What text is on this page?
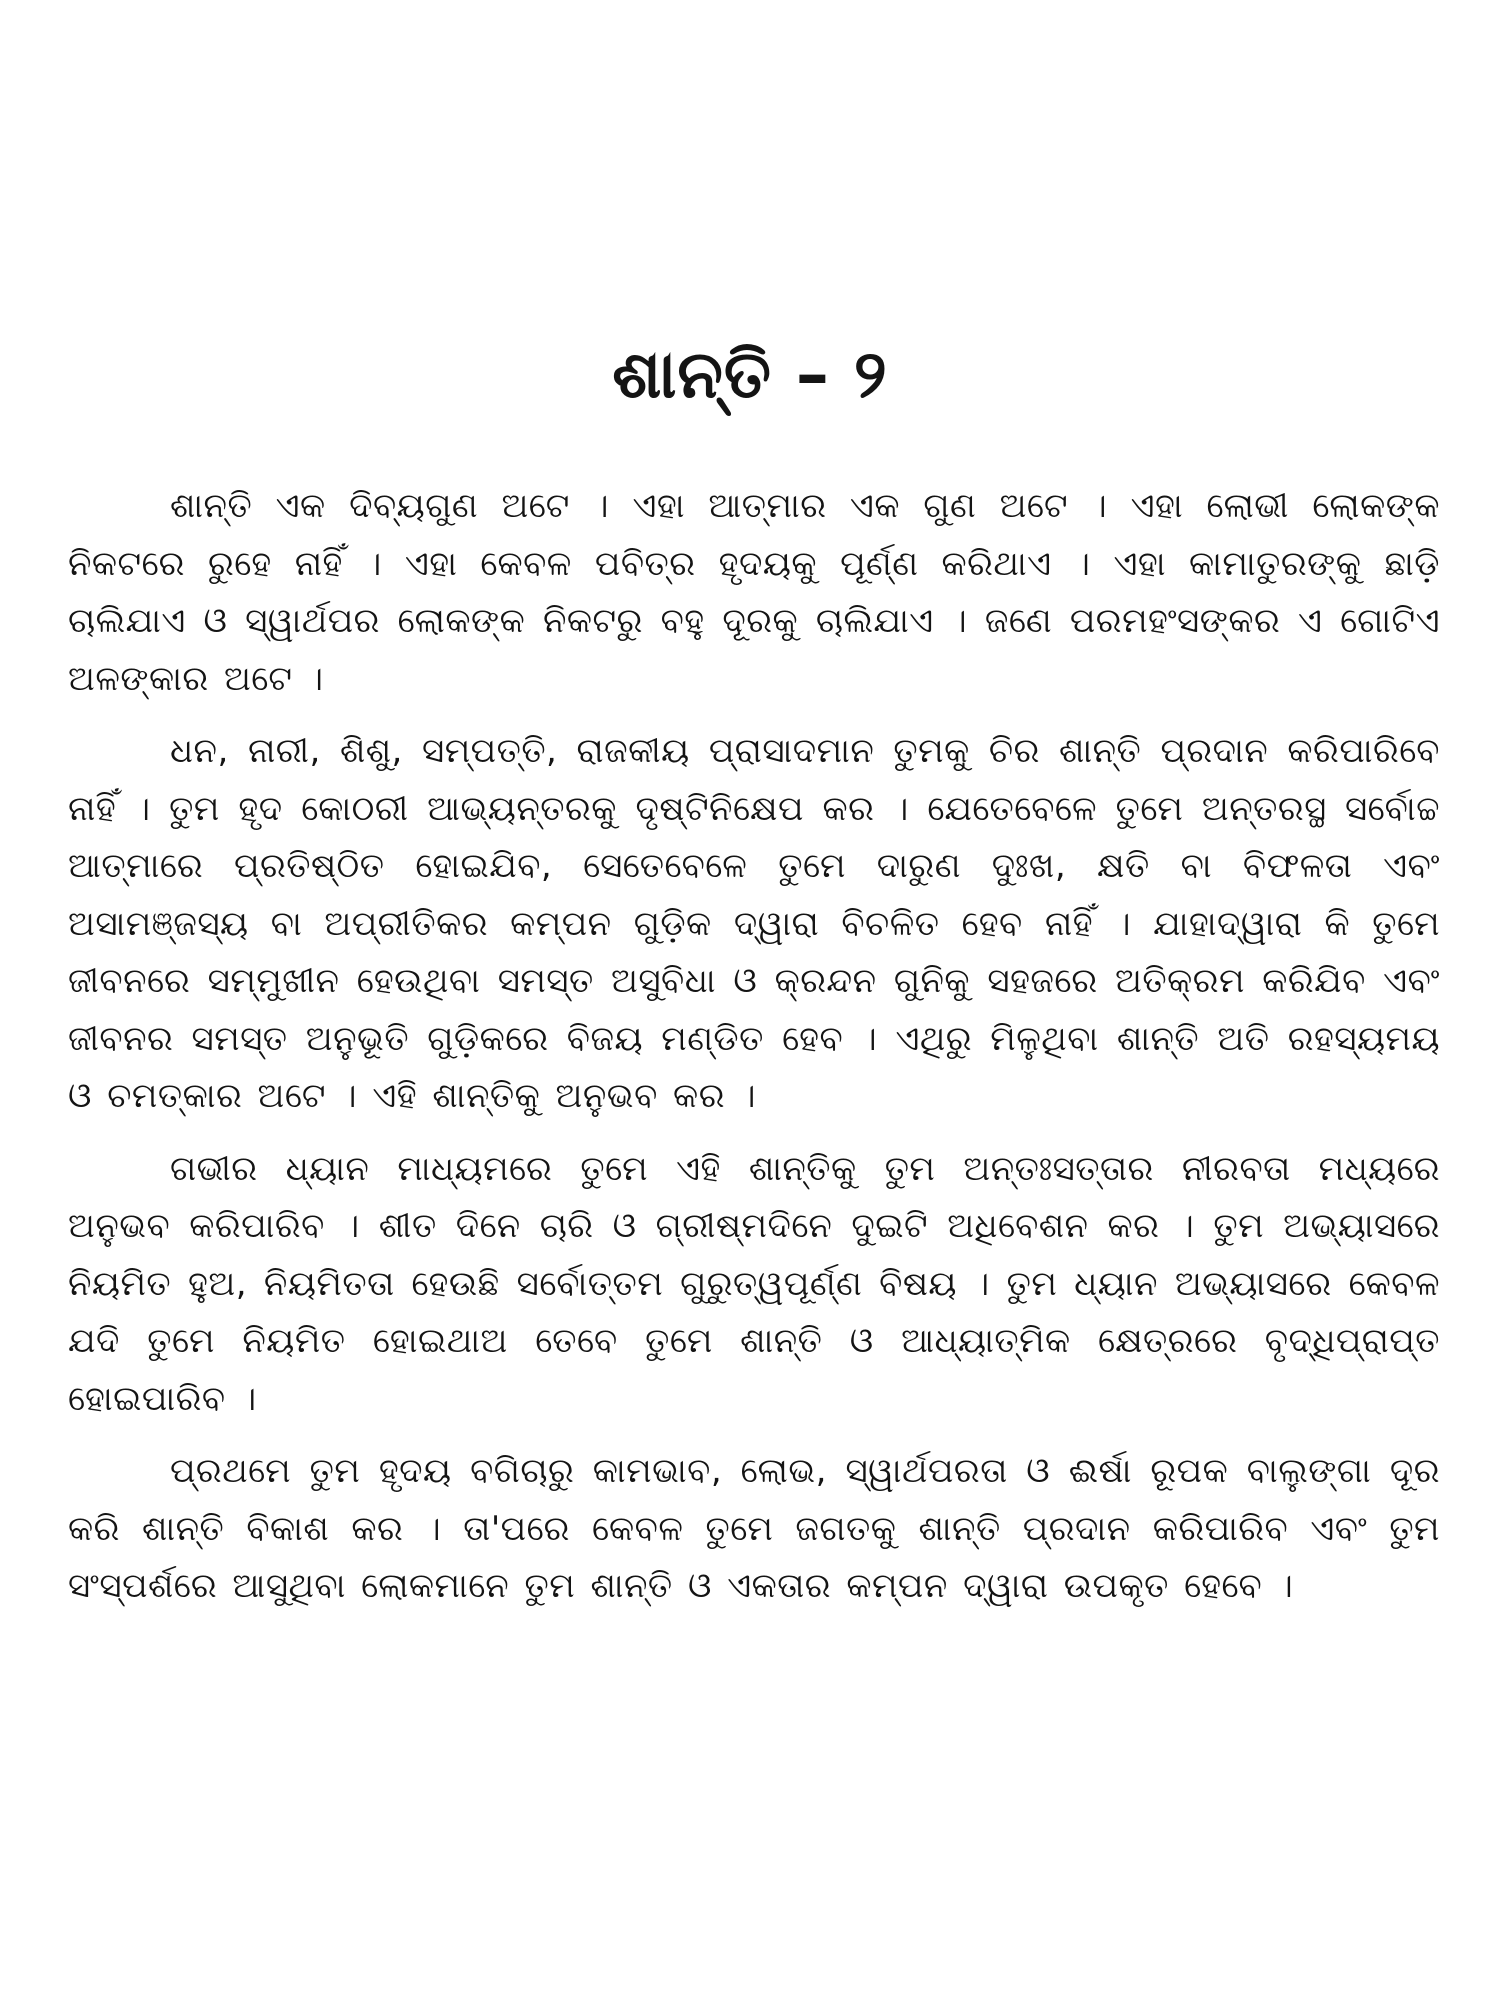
ଶାନ୍ତି – ୨

ଶାନ୍ତି ଏକ ଦିବ୍ୟଗୁଣ ଅଟେ । ଏହା ଆତ୍ମାର ଏକ ଗୁଣ ଅଟେ । ଏହା ଲୋଭୀ ଲୋକଙ୍କ ନିକଟରେ ରୁହେ ନାହିଁ । ଏହା କେବଳ ପବିତ୍ର ହୃଦୟକୁ ପୂର୍ଣ୍ଣ କରିଥାଏ । ଏହା କାମାତୁରଙ୍କୁ ଛାଡ଼ି ଚାଲିଯାଏ ଓ ସ୍ୱାର୍ଥପର ଲୋକଙ୍କ ନିକଟରୁ ବହୁ ଦୂରକୁ ଚାଲିଯାଏ । ଜଣେ ପରମହଂସଙ୍କର ଏ ଗୋଟିଏ ଅଳଙ୍କାର ଅଟେ ।

ଧନ, ନାରୀ, ଶିଶୁ, ସମ୍ପତ୍ତି, ରାଜକୀୟ ପ୍ରାସାଦମାନ ତୁମକୁ ଚିର ଶାନ୍ତି ପ୍ରଦାନ କରିପାରିବେ ନାହିଁ । ତୁମ ହୃଦ କୋଠରୀ ଆଭ୍ୟନ୍ତରକୁ ଦୃଷ୍ଟିନିକ୍ଷେପ କର । ଯେତେବେଳେ ତୁମେ ଅନ୍ତରସ୍ଥ ସର୍ବୋଚ୍ଚ ଆତ୍ମାରେ ପ୍ରତିଷ୍ଠିତ ହୋଇଯିବ, ସେତେବେଳେ ତୁମେ ଦାରୁଣ ଦୁଃଖ, କ୍ଷତି ବା ବିଫଳତା ଏବଂ ଅସାମଞ୍ଜସ୍ୟ ବା ଅପ୍ରୀତିକର କମ୍ପନ ଗୁଡ଼ିକ ଦ୍ୱାରା ବିଚଳିତ ହେବ ନାହିଁ । ଯାହାଦ୍ୱାରା କି ତୁମେ ଜୀବନରେ ସମ୍ମୁଖୀନ ହେଉଥିବା ସମସ୍ତ ଅସୁବିଧା ଓ କ୍ରନ୍ଦନ ଗୁନିକୁ ସହଜରେ ଅତିକ୍ରମ କରିଯିବ ଏବଂ ଜୀବନର ସମସ୍ତ ଅନୁଭୂତି ଗୁଡ଼ିକରେ ବିଜୟ ମଣ୍ଡିତ ହେବ । ଏଥିରୁ ମିଳୁଥିବା ଶାନ୍ତି ଅତି ରହସ୍ୟମୟ ଓ ଚମତ୍କାର ଅଟେ । ଏହି ଶାନ୍ତିକୁ ଅନୁଭବ କର ।

ଗଭୀର ଧ୍ୟାନ ମାଧ୍ୟମରେ ତୁମେ ଏହି ଶାନ୍ତିକୁ ତୁମ ଅନ୍ତଃସତ୍ତାର ନୀରବତା ମଧ୍ୟରେ ଅନୁଭବ କରିପାରିବ । ଶୀତ ଦିନେ ଚାରି ଓ ଗ୍ରୀଷ୍ମଦିନେ ଦୁଇଟି ଅଧିବେଶନ କର । ତୁମ ଅଭ୍ୟାସରେ ନିୟମିତ ହୁଅ, ନିୟମିତତା ହେଉଛି ସର୍ବୋତ୍ତମ ଗୁରୁତ୍ୱପୂର୍ଣ୍ଣ ବିଷୟ । ତୁମ ଧ୍ୟାନ ଅଭ୍ୟାସରେ କେବଳ ଯଦି ତୁମେ ନିୟମିତ ହୋଇଥାଅ ତେବେ ତୁମେ ଶାନ୍ତି ଓ ଆଧ୍ୟାତ୍ମିକ କ୍ଷେତ୍ରରେ ବୃଦ୍ଧିପ୍ରାପ୍ତ ହୋଇପାରିବ ।

ପ୍ରଥମେ ତୁମ ହୃଦୟ ବଗିଚାରୁ କାମଭାବ, ଲୋଭ, ସ୍ୱାର୍ଥପରତା ଓ ଈର୍ଷା ରୂପକ ବାଲୁଙ୍ଗା ଦୂର କରି ଶାନ୍ତି ବିକାଶ କର । ତା'ପରେ କେବଳ ତୁମେ ଜଗତକୁ ଶାନ୍ତି ପ୍ରଦାନ କରିପାରିବ ଏବଂ ତୁମ ସଂସ୍ପର୍ଶରେ ଆସୁଥିବା ଲୋକମାନେ ତୁମ ଶାନ୍ତି ଓ ଏକତାର କମ୍ପନ ଦ୍ୱାରା ଉପକୃତ ହେବେ ।
